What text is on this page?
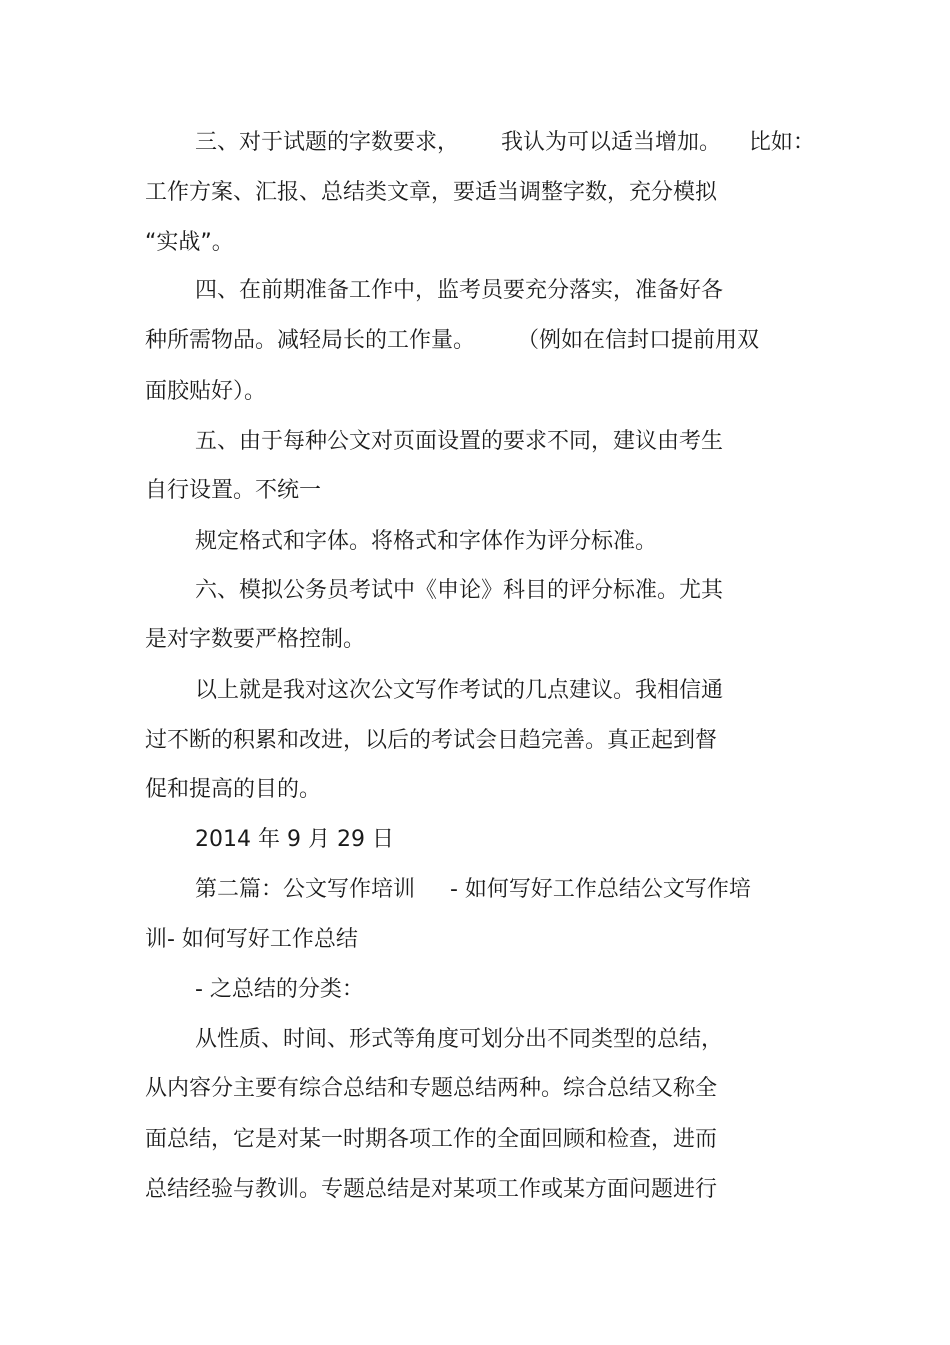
三、对于试题的字数要求，      我认为可以适当增加。    比如：

工作方案、汇报、总结类文章，要适当调整字数，充分模拟

“实战”。

四、在前期准备工作中，监考员要充分落实，准备好各

种所需物品。减轻局长的工作量。      （例如在信封口提前用双

面胶贴好）。

五、由于每种公文对页面设置的要求不同，建议由考生

自行设置。不统一

规定格式和字体。将格式和字体作为评分标准。

六、模拟公务员考试中《申论》科目的评分标准。尤其

是对字数要严格控制。

以上就是我对这次公文写作考试的几点建议。我相信通

过不断的积累和改进，以后的考试会日趋完善。真正起到督

促和提高的目的。

2014 年 9 月 29 日

第二篇：公文写作培训     - 如何写好工作总结公文写作培

训- 如何写好工作总结

- 之总结的分类：

从性质、时间、形式等角度可划分出不同类型的总结，

从内容分主要有综合总结和专题总结两种。综合总结又称全

面总结，它是对某一时期各项工作的全面回顾和检查，进而

总结经验与教训。专题总结是对某项工作或某方面问题进行
